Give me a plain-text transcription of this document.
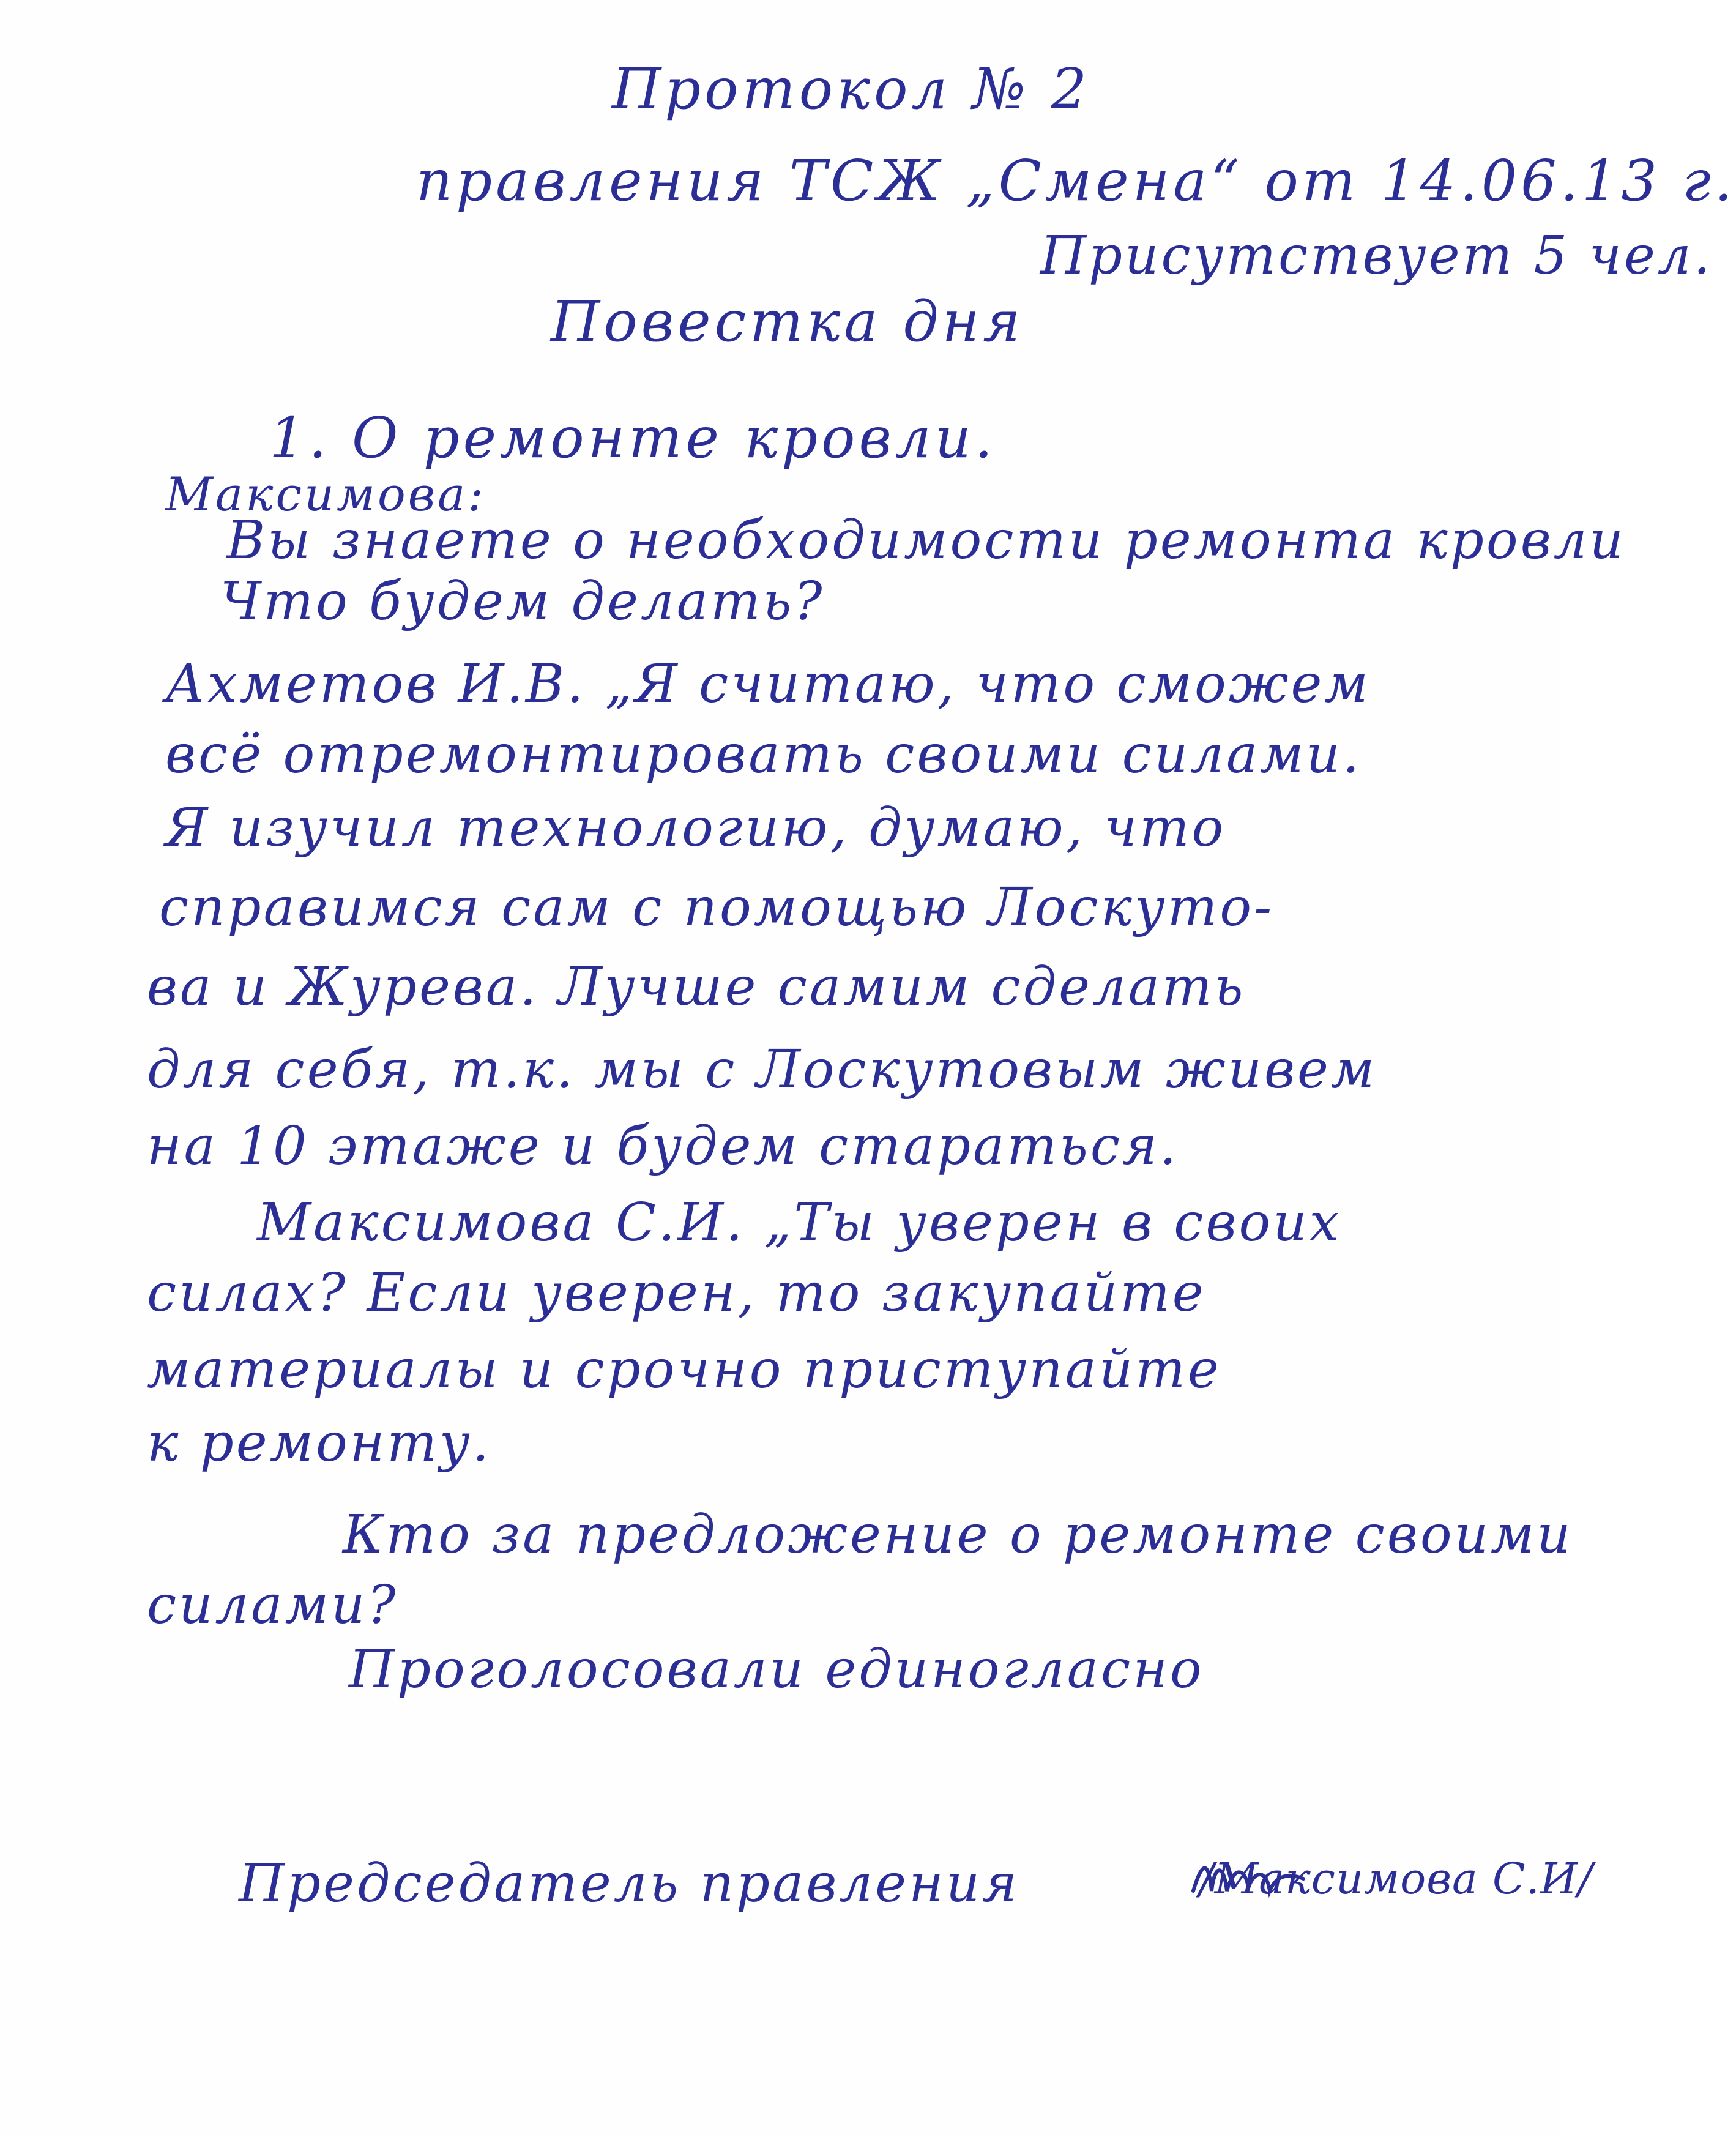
Протокол № 2
правления ТСЖ „Смена“ от 14.06.13 г.
Присутствует 5 чел.
Повестка дня
1. О ремонте кровли.
Максимова:
Вы знаете о необходимости ремонта кровли
Что будем делать?
Ахметов И.В. „Я считаю, что сможем
всё отремонтировать своими силами.
Я изучил технологию, думаю, что
справимся сам с помощью Лоскуто-
ва и Журева. Лучше самим сделать
для себя, т.к. мы с Лоскутовым живем
на 10 этаже и будем стараться.
Максимова С.И. „Ты уверен в своих
силах? Если уверен, то закупайте
материалы и срочно приступайте
к ремонту.
Кто за предложение о ремонте своими
силами?
Проголосовали единогласно
Председатель правления	/Максимова С.И/
